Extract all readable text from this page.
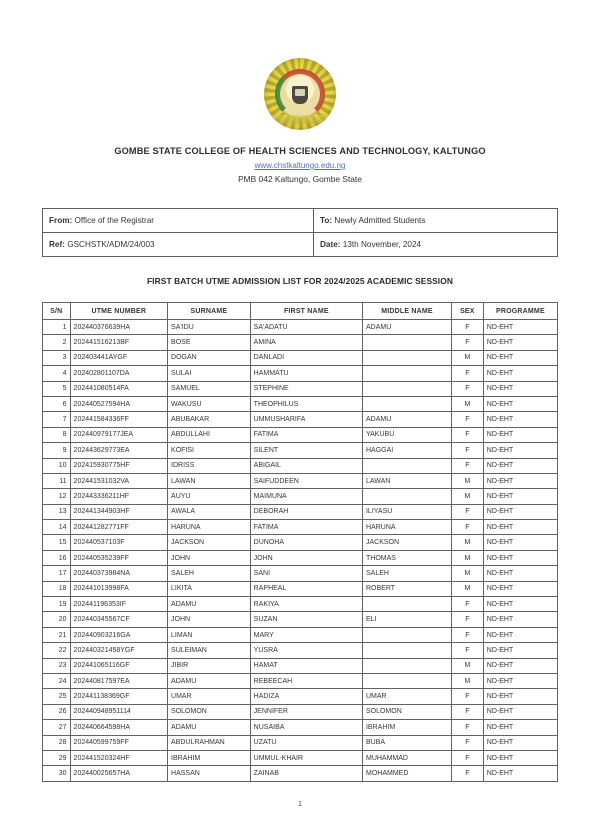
GOMBE STATE COLLEGE OF HEALTH SCIENCES AND TECHNOLOGY, KALTUNGO
www.chstkaltungo.edu.ng
PMB 042 Kaltungo, Gombe State
From: Office of the Registrar	To: Newly Admitted Students
Ref: GSCHSTK/ADM/24/003	Date: 13th November, 2024
FIRST BATCH UTME ADMISSION LIST FOR 2024/2025 ACADEMIC SESSION
S/N	UTME NUMBER	SURNAME	FIRST NAME	MIDDLE NAME	SEX	PROGRAMME
1	202440376639HA	SA'IDU	SA'ADATU	ADAMU	F	ND-EHT
2	202441516213BF	BOSE	AMINA		F	ND-EHT
3	202403441AYGF	DOGAN	DANLADI		M	ND-EHT
4	202402801107DA	SULAI	HAMMATU		F	ND-EHT
5	202441080514FA	SAMUEL	STEPHINE		F	ND-EHT
6	202440527594HA	WAKUSU	THEOPHILUS		M	ND-EHT
7	202441584336FF	ABUBAKAR	UMMUSHARIFA	ADAMU	F	ND-EHT
8	202440979177JEA	ABDULLAHI	FATIMA	YAKUBU	F	ND-EHT
9	202443629773EA	KOFISI	SILENT	HAGGAI	F	ND-EHT
10	202415930775HF	IDRISS	ABIGAIL		F	ND-EHT
11	202441531032VA	LAWAN	SAIFUDDEEN	LAWAN	M	ND-EHT
12	202443336211HF	AUYU	MAIMUNA		M	ND-EHT
13	202441344903HF	AWALA	DEBORAH	ILIYASU	F	ND-EHT
14	202441282771FF	HARUNA	FATIMA	HARUNA	F	ND-EHT
15	202440537103F	JACKSON	DUNOHA	JACKSON	M	ND-EHT
16	202440535239FF	JOHN	JOHN	THOMAS	M	ND-EHT
17	202440373984NA	SALEH	SANI	SALEH	M	ND-EHT
18	202441013998FA	LIKITA	RAPHEAL	ROBERT	M	ND-EHT
19	202441196353IF	ADAMU	RAKIYA		F	ND-EHT
20	202440345567CF	JOHN	SUZAN	ELI	F	ND-EHT
21	202440903216GA	LIMAN	MARY		F	ND-EHT
22	202440321458YGF	SULEIMAN	YUSRA		F	ND-EHT
23	202441065116GF	JIBIR	HAMAT		M	ND-EHT
24	202440817597EA	ADAMU	REBEECAH		M	ND-EHT
25	202441138369GF	UMAR	HADIZA	UMAR	F	ND-EHT
26	202440948951114	SOLOMON	JENNIFER	SOLOMON	F	ND-EHT
27	202440664598HA	ADAMU	NUSAIBA	IBRAHIM	F	ND-EHT
28	202440599759FF	ABDULRAHMAN	UZATU	BUBA	F	ND-EHT
29	202441520324HF	IBRAHIM	UMMUL-KHAIR	MUHAMMAD	F	ND-EHT
30	202440025657HA	HASSAN	ZAINAB	MOHAMMED	F	ND-EHT
1
